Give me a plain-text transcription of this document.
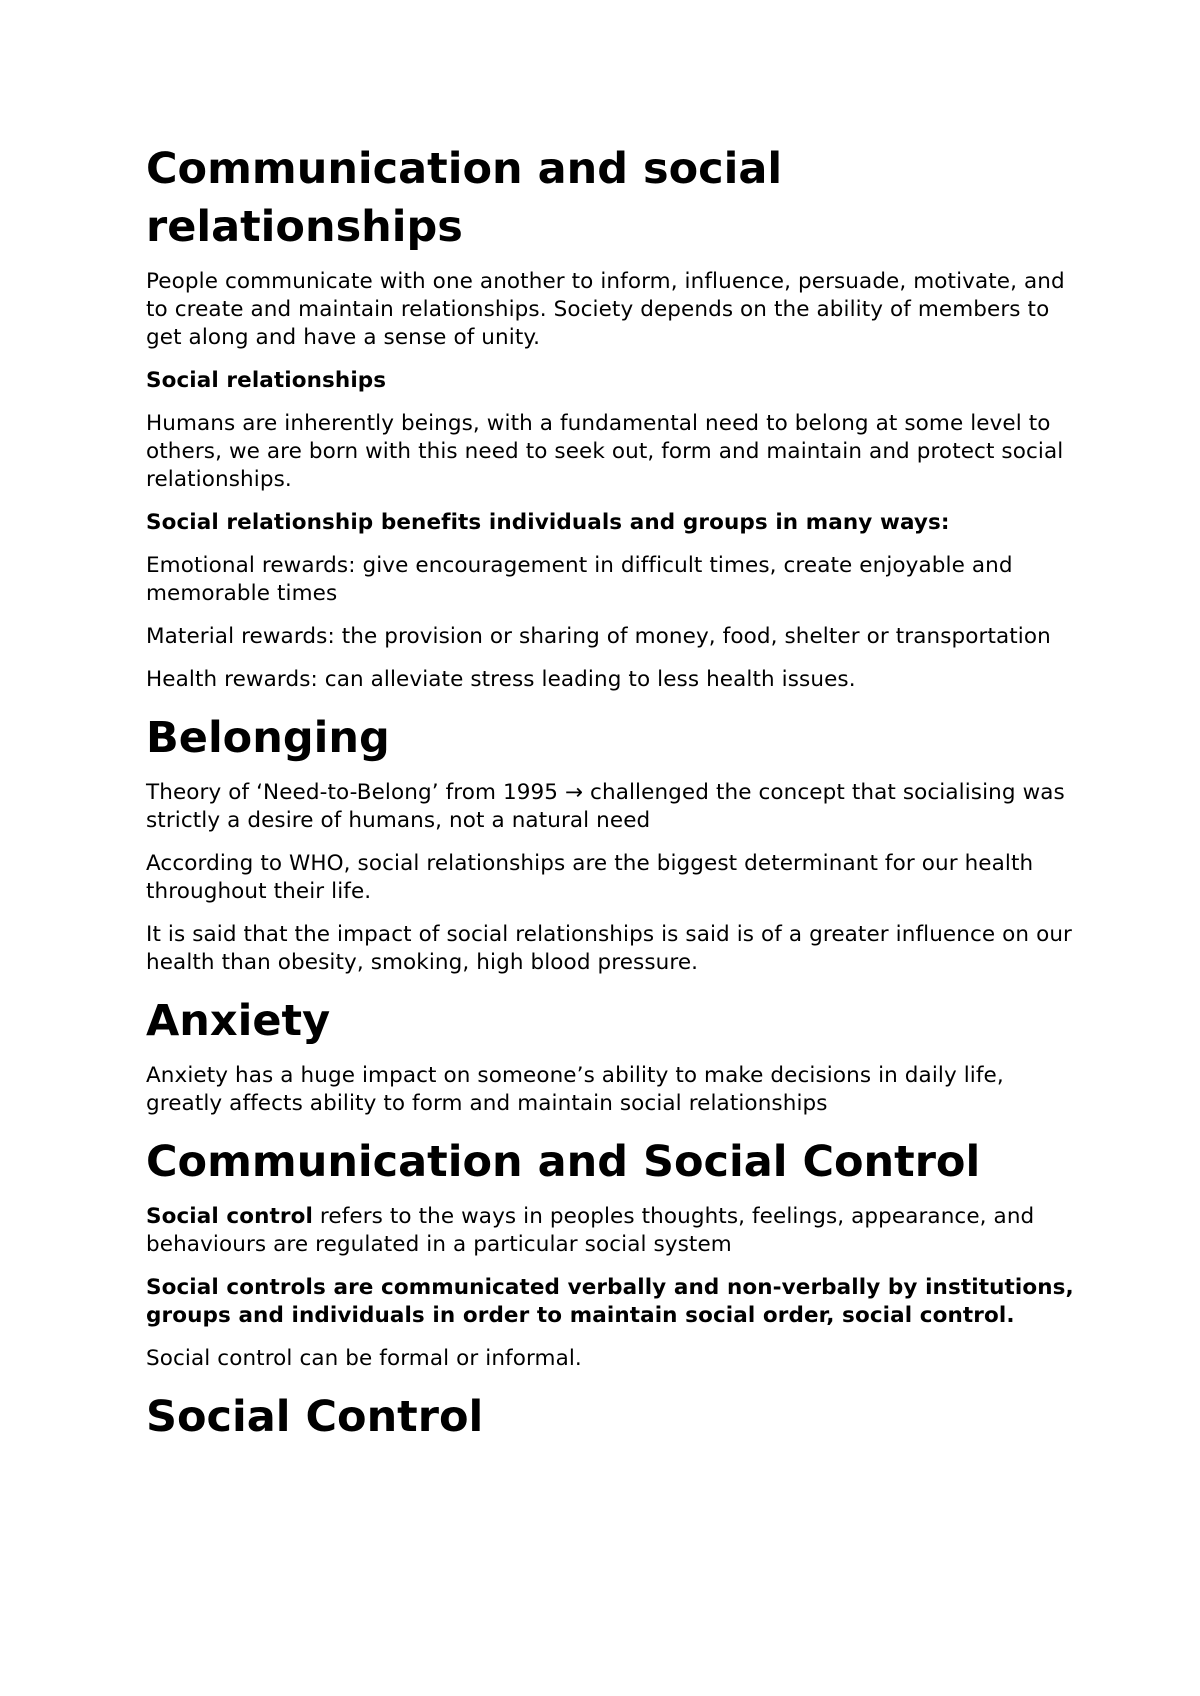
Communication and social relationships

People communicate with one another to inform, influence, persuade, motivate, and to create and maintain relationships. Society depends on the ability of members to get along and have a sense of unity.

Social relationships

Humans are inherently beings, with a fundamental need to belong at some level to others, we are born with this need to seek out, form and maintain and protect social relationships.

Social relationship benefits individuals and groups in many ways:

Emotional rewards: give encouragement in difficult times, create enjoyable and memorable times

Material rewards: the provision or sharing of money, food, shelter or transportation

Health rewards: can alleviate stress leading to less health issues.

Belonging

Theory of ‘Need-to-Belong’ from 1995 → challenged the concept that socialising was strictly a desire of humans, not a natural need

According to WHO, social relationships are the biggest determinant for our health throughout their life.

It is said that the impact of social relationships is said is of a greater influence on our health than obesity, smoking, high blood pressure.

Anxiety

Anxiety has a huge impact on someone’s ability to make decisions in daily life, greatly affects ability to form and maintain social relationships

Communication and Social Control

Social control refers to the ways in peoples thoughts, feelings, appearance, and behaviours are regulated in a particular social system

Social controls are communicated verbally and non-verbally by institutions, groups and individuals in order to maintain social order, social control.

Social control can be formal or informal.

Social Control
